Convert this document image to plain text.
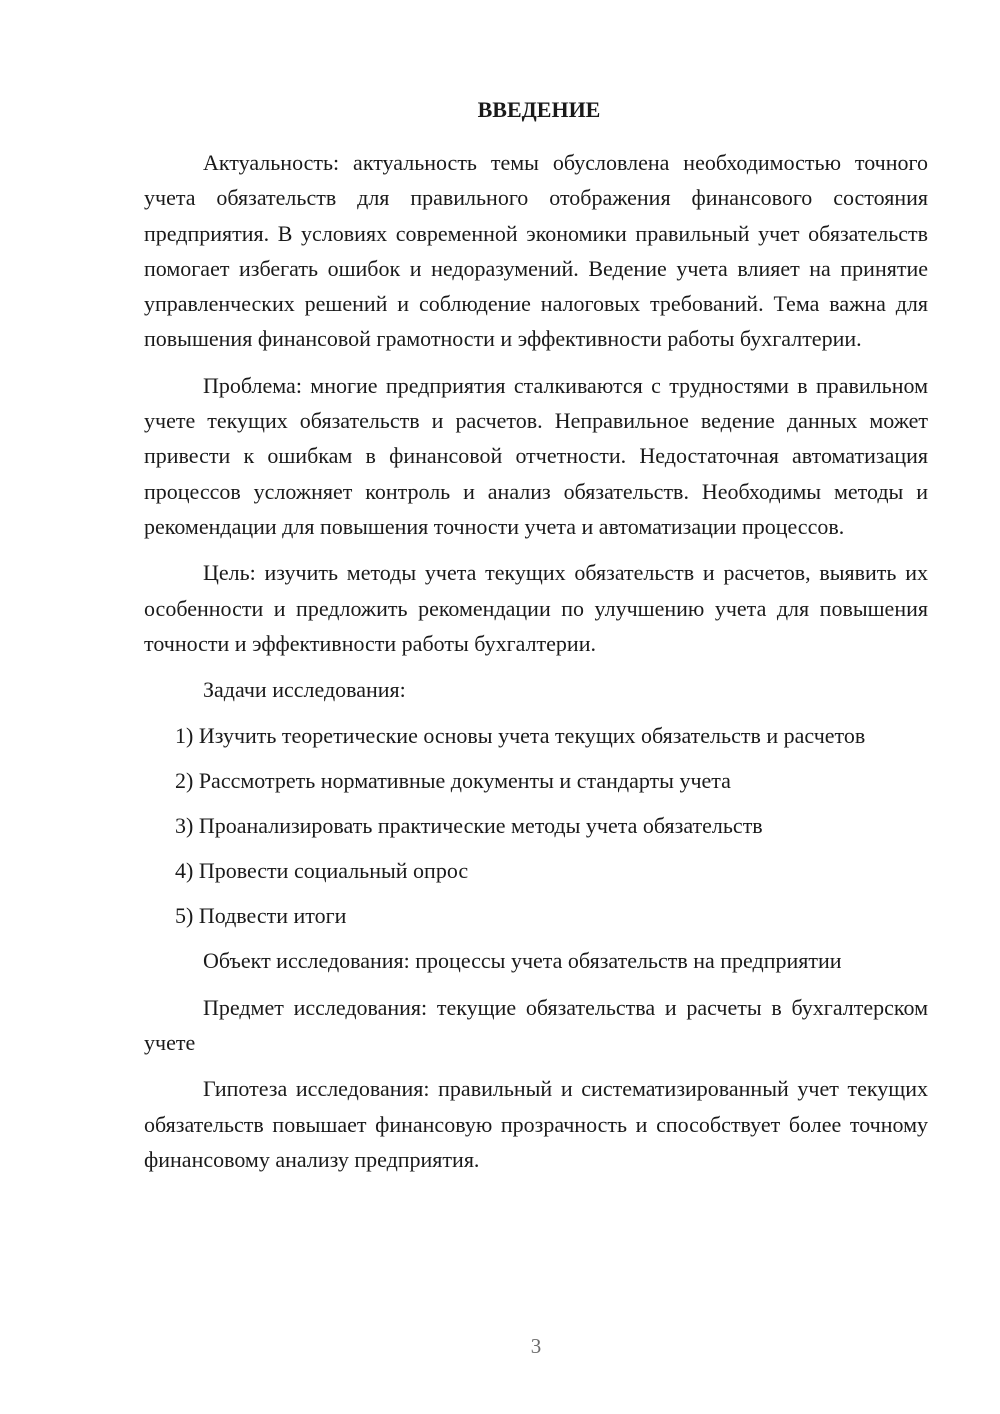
ВВЕДЕНИЕ

Актуальность: актуальность темы обусловлена необходимостью точного учета обязательств для правильного отображения финансового состояния предприятия. В условиях современной экономики правильный учет обязательств помогает избегать ошибок и недоразумений. Ведение учета влияет на принятие управленческих решений и соблюдение налоговых требований. Тема важна для повышения финансовой грамотности и эффективности работы бухгалтерии.

Проблема: многие предприятия сталкиваются с трудностями в правильном учете текущих обязательств и расчетов. Неправильное ведение данных может привести к ошибкам в финансовой отчетности. Недостаточная автоматизация процессов усложняет контроль и анализ обязательств. Необходимы методы и рекомендации для повышения точности учета и автоматизации процессов.

Цель: изучить методы учета текущих обязательств и расчетов, выявить их особенности и предложить рекомендации по улучшению учета для повышения точности и эффективности работы бухгалтерии.

Задачи исследования:

1) Изучить теоретические основы учета текущих обязательств и расчетов

2) Рассмотреть нормативные документы и стандарты учета

3) Проанализировать практические методы учета обязательств

4) Провести социальный опрос

5) Подвести итоги

Объект исследования: процессы учета обязательств на предприятии

Предмет исследования: текущие обязательства и расчеты в бухгалтерском учете

Гипотеза исследования: правильный и систематизированный учет текущих обязательств повышает финансовую прозрачность и способствует более точному финансовому анализу предприятия.

3
